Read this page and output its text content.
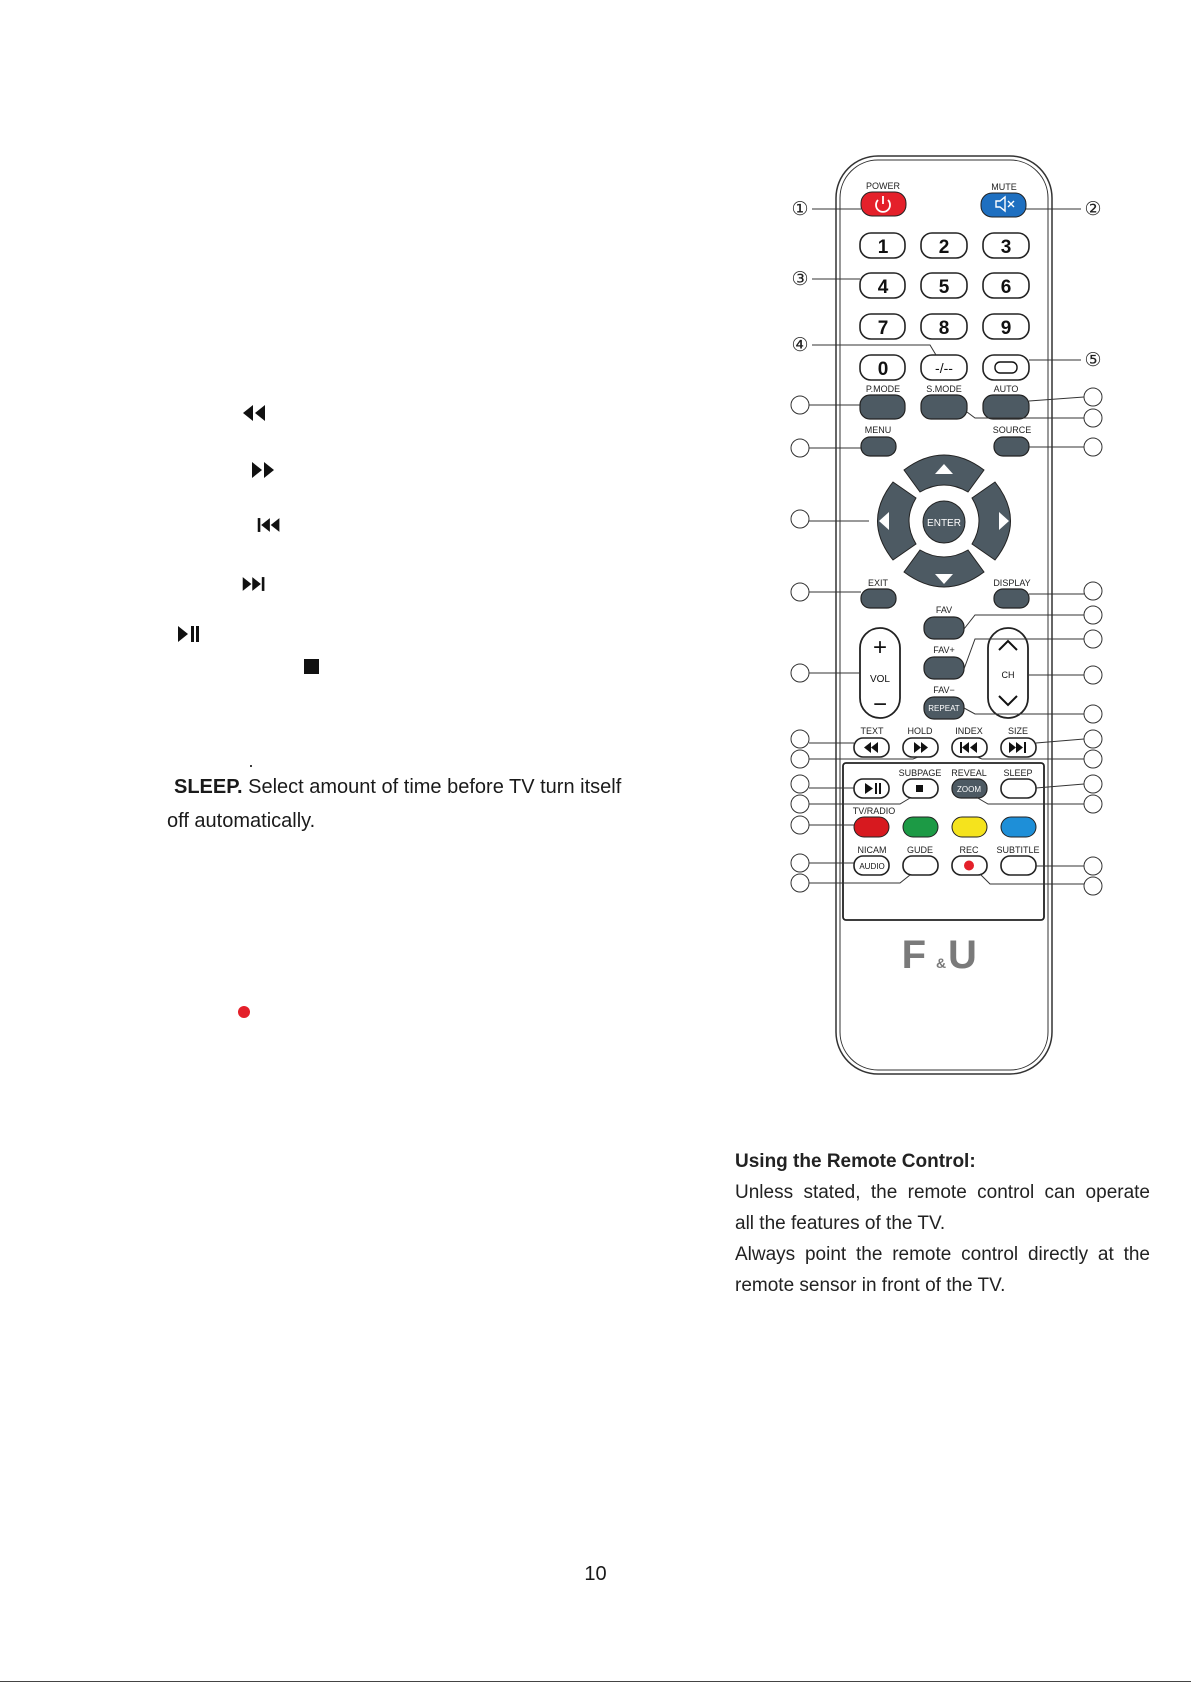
·
SLEEP. Select amount of time before TV turn itself
off automatically.
POWER	MUTE
1	2	3
4	5	6
7	8	9
0	-/--
P.MODE	S.MODE	AUTO
MENU	SOURCE
ENTER
EXIT	DISPLAY
FAV
FAV+
FAV−
REPEAT
+
VOL
−
CH
TEXT	HOLD	INDEX	SIZE
SUBPAGE REVEAL SLEEP
ZOOM
TV/RADIO
NICAM GUDE	REC SUBTITLE
AUDIO
F & U
①	②
③
④
⑤
Using the Remote Control:

Unless stated, the remote control can operate

all the features of the TV.

Always point the remote control directly at the

remote sensor in front of the TV.

10
